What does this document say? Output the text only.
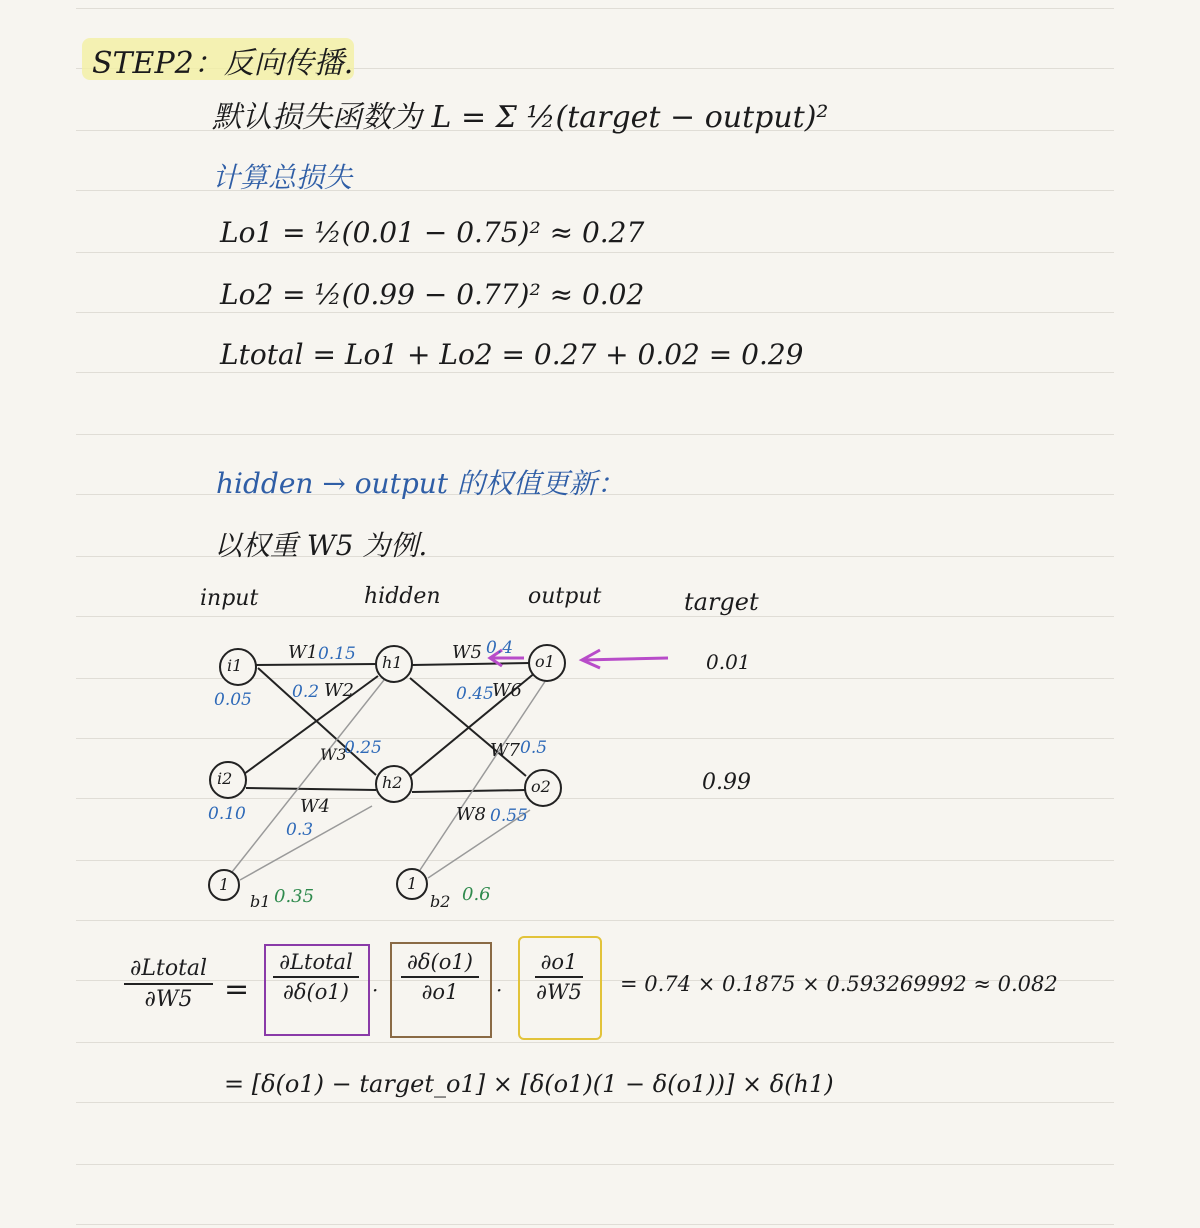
STEP2：反向传播.
默认损失函数为 L = Σ ½(target − output)²
计算总损失
Lo1 = ½(0.01 − 0.75)² ≈ 0.27
Lo2 = ½(0.99 − 0.77)² ≈ 0.02
Ltotal = Lo1 + Lo2 = 0.27 + 0.02 = 0.29
hidden → output 的权值更新：
以权重 W5 为例.
input	hidden	output	target
i1
i2
h1
h2
o1
o2
1	1
0.05
0.10
W1 0.15
0.2 W2
W3
0.25
W4
0.3
W5 0.4
0.45
W6
W7 0.5
W8 0.55
b1 0.35	b2 0.6
0.01
0.99
∂Ltotal
∂W5 =
∂Ltotal
$\partial\delta(o1) \cdot \frac{\partial\delta(o1)}{\partial o1} \cdot \frac{\partial o1}{\partial W5} = 0.74 \times 0.1875 \times 0.593269992 \approx 0.082$
= [δ(o1) − target_o1] × [δ(o1)(1 − δ(o1))] × δ(h1)
